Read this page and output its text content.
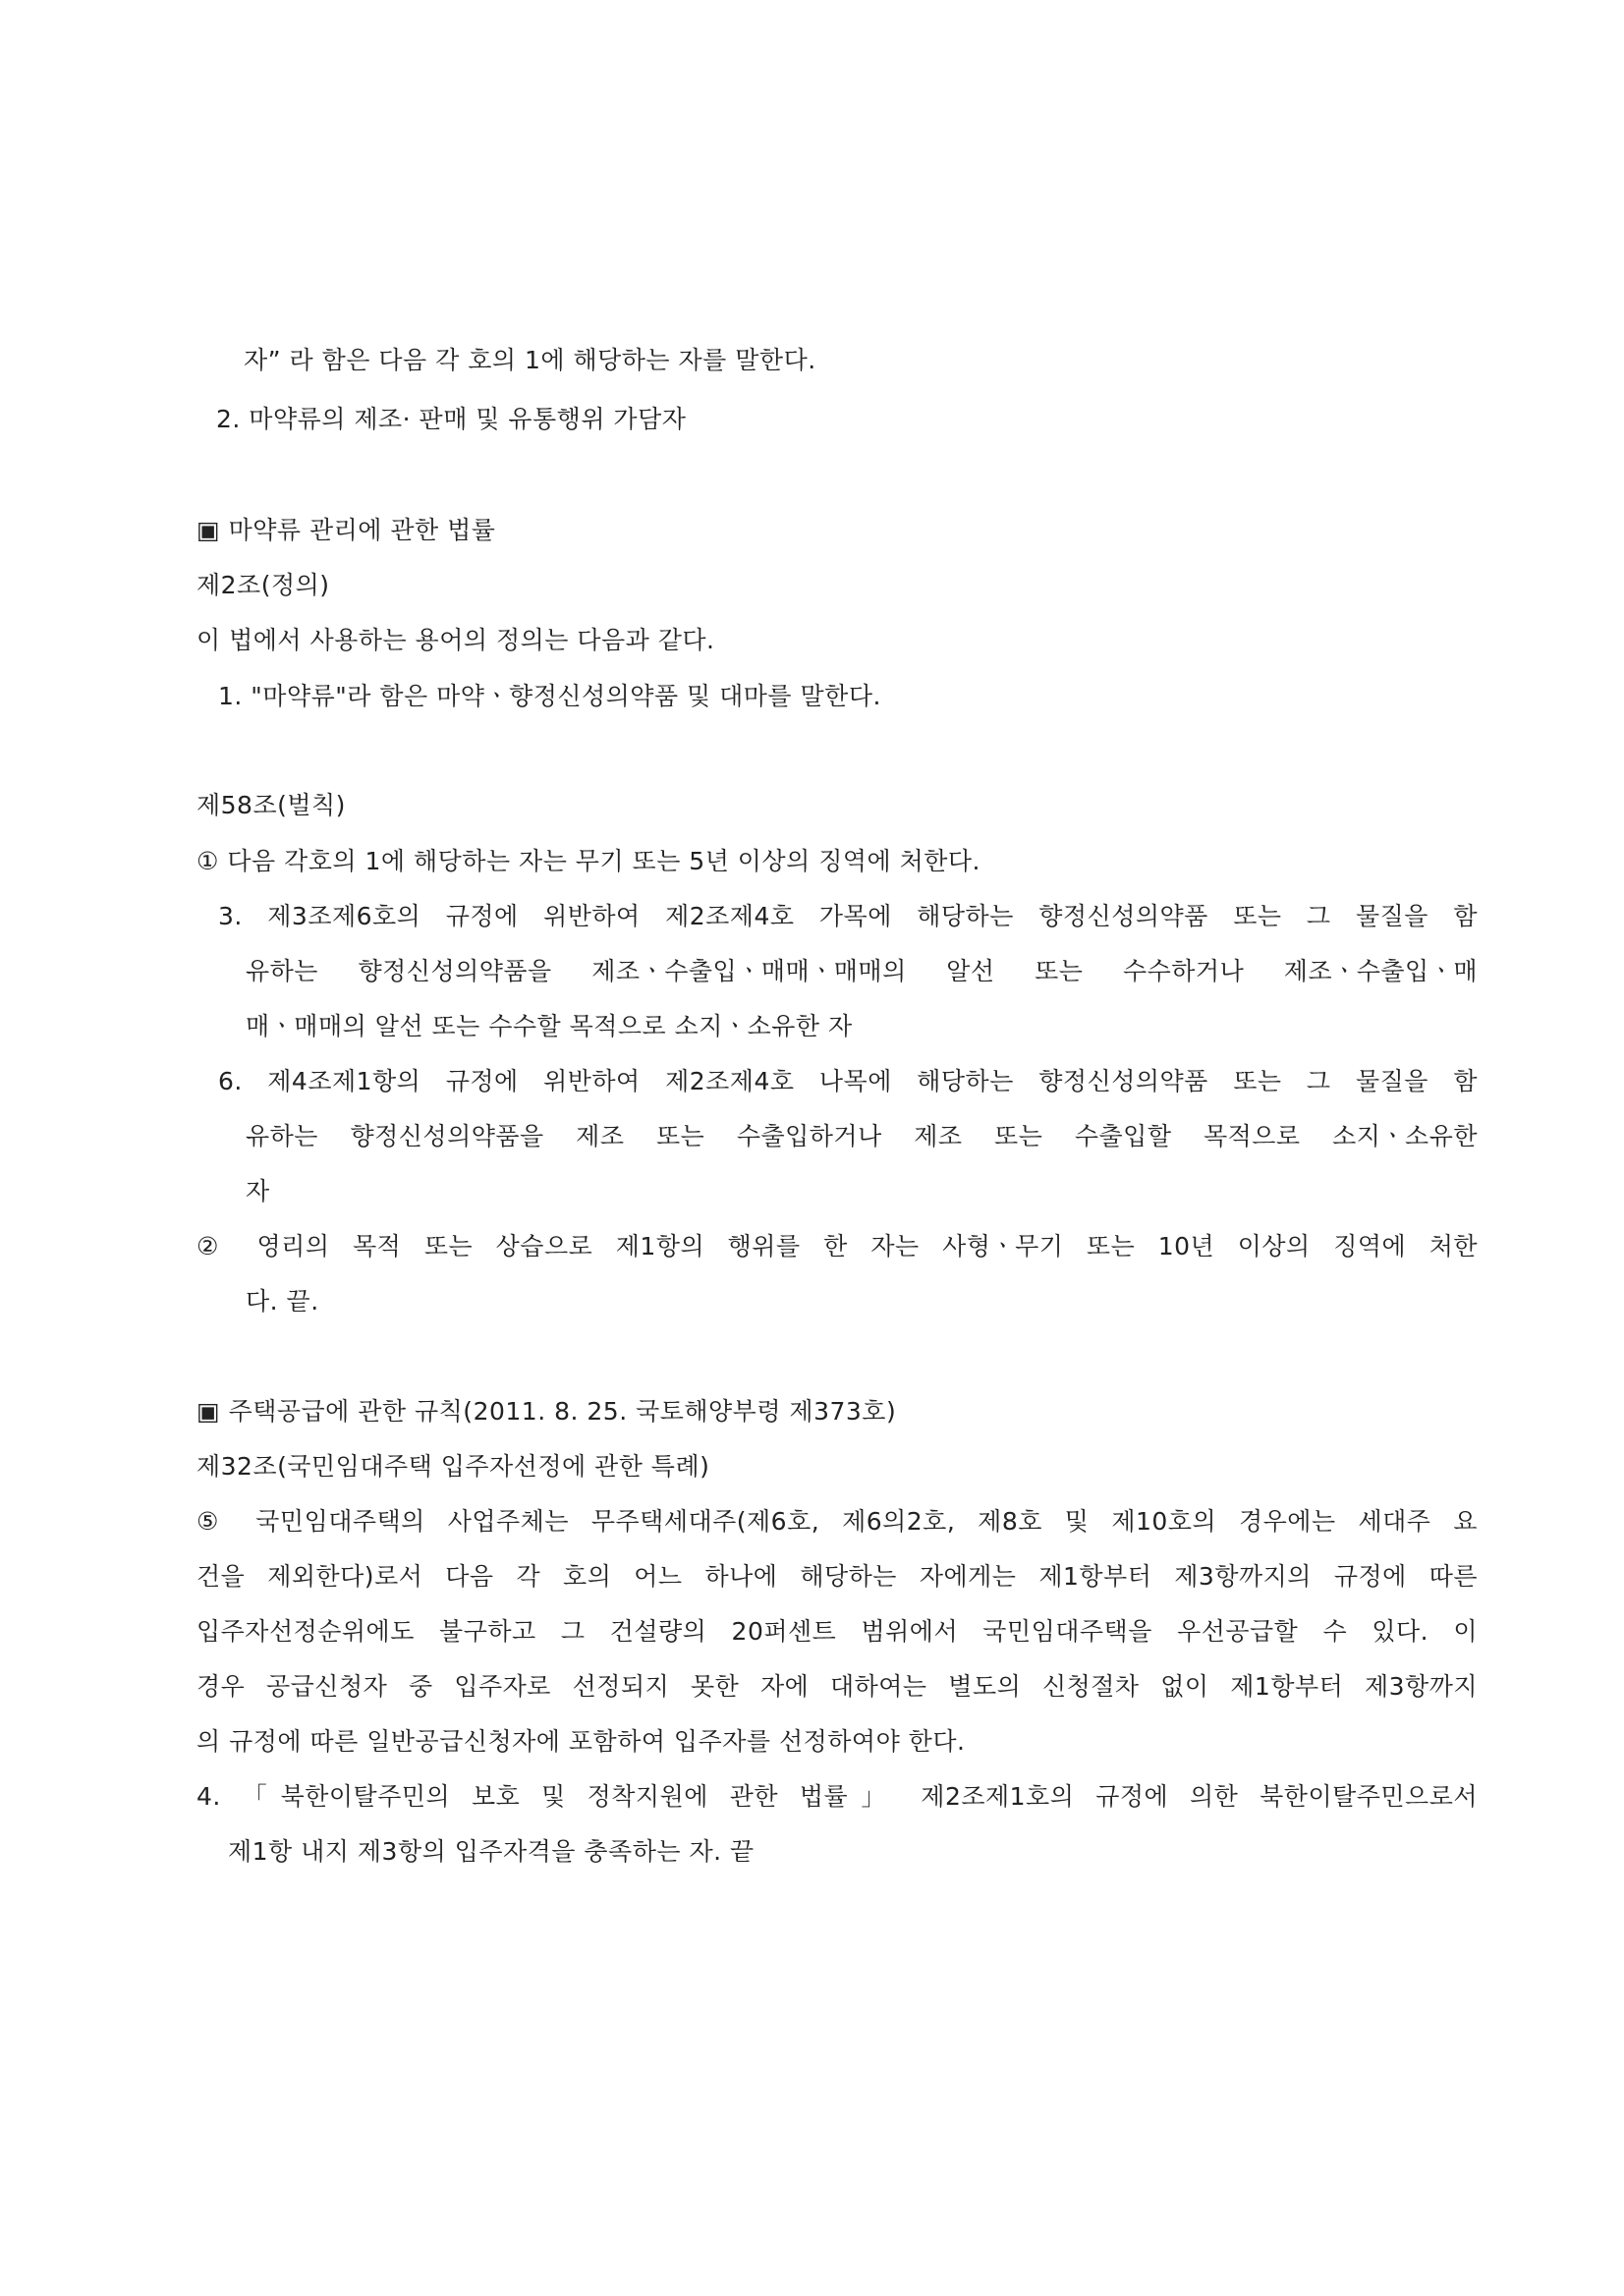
자” 라 함은 다음 각 호의 1에 해당하는 자를 말한다.
2. 마약류의 제조· 판매 및 유통행위 가담자
▣ 마약류 관리에 관한 법률
제2조(정의)
이 법에서 사용하는 용어의 정의는 다음과 같다.
1. "마약류"라 함은 마약ㆍ향정신성의약품 및 대마를 말한다.
제58조(벌칙)
① 다음 각호의 1에 해당하는 자는 무기 또는 5년 이상의 징역에 처한다.
3. 제3조제6호의 규정에 위반하여 제2조제4호 가목에 해당하는 향정신성의약품 또는 그 물질을 함
유하는 향정신성의약품을 제조ㆍ수출입ㆍ매매ㆍ매매의 알선 또는 수수하거나 제조ㆍ수출입ㆍ매
매ㆍ매매의 알선 또는 수수할 목적으로 소지ㆍ소유한 자
6. 제4조제1항의 규정에 위반하여 제2조제4호 나목에 해당하는 향정신성의약품 또는 그 물질을 함
유하는 향정신성의약품을 제조 또는 수출입하거나 제조 또는 수출입할 목적으로 소지ㆍ소유한
자
② 영리의 목적 또는 상습으로 제1항의 행위를 한 자는 사형ㆍ무기 또는 10년 이상의 징역에 처한
다. 끝.
▣ 주택공급에 관한 규칙(2011. 8. 25. 국토해양부령 제373호)
제32조(국민임대주택 입주자선정에 관한 특례)
⑤ 국민임대주택의 사업주체는 무주택세대주(제6호, 제6의2호, 제8호 및 제10호의 경우에는 세대주 요
건을 제외한다)로서 다음 각 호의 어느 하나에 해당하는 자에게는 제1항부터 제3항까지의 규정에 따른
입주자선정순위에도 불구하고 그 건설량의 20퍼센트 범위에서 국민임대주택을 우선공급할 수 있다. 이
경우 공급신청자 중 입주자로 선정되지 못한 자에 대하여는 별도의 신청절차 없이 제1항부터 제3항까지
의 규정에 따른 일반공급신청자에 포함하여 입주자를 선정하여야 한다.
4. 「북한이탈주민의 보호 및 정착지원에 관한 법률」 제2조제1호의 규정에 의한 북한이탈주민으로서
제1항 내지 제3항의 입주자격을 충족하는 자. 끝
